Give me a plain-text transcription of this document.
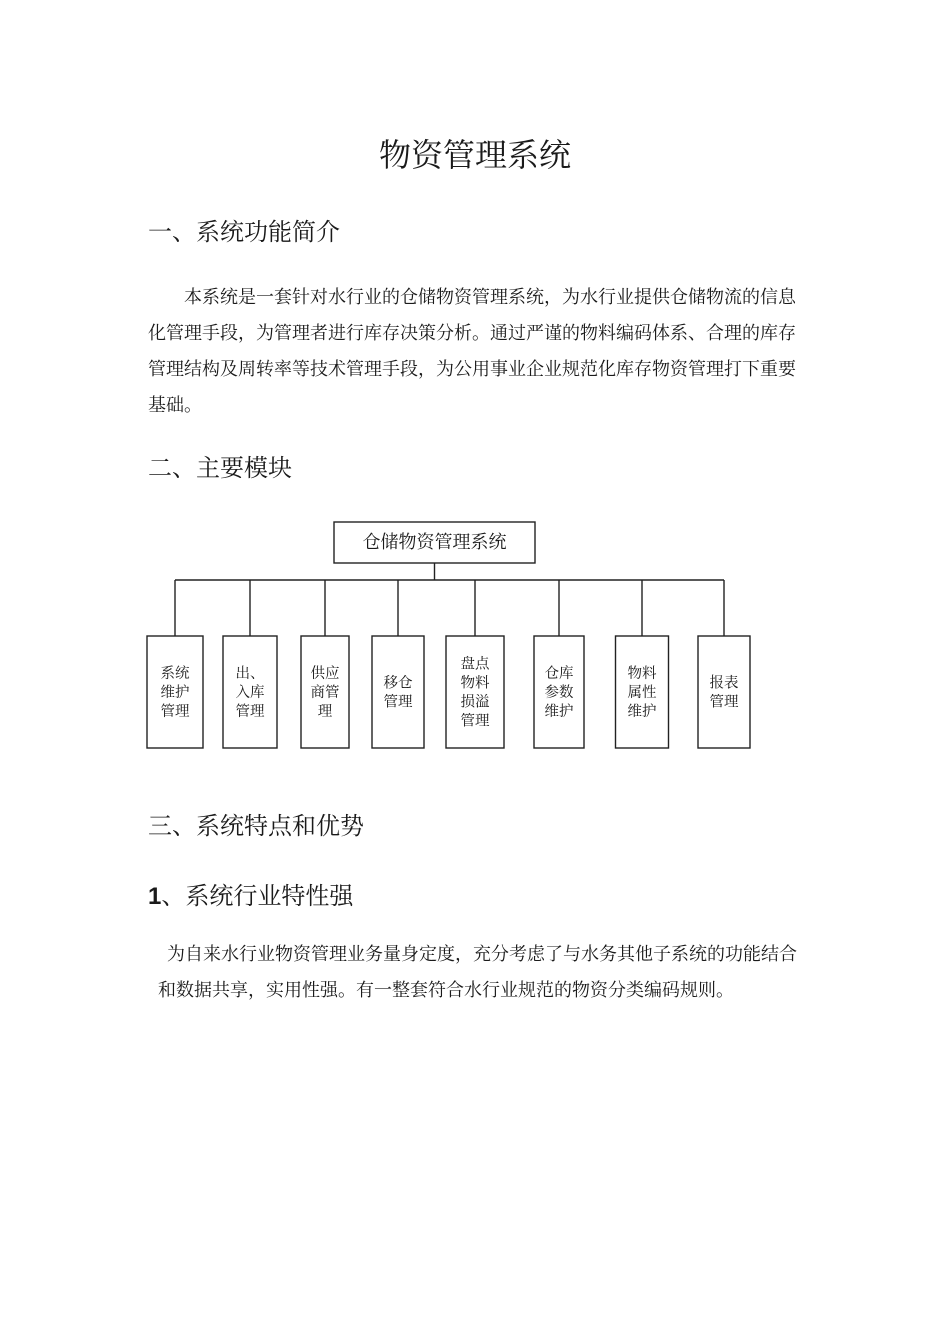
物资管理系统
一、系统功能简介
本系统是一套针对水行业的仓储物资管理系统，为水行业提供仓储物流的信息化管理手段，为管理者进行库存决策分析。通过严谨的物料编码体系、合理的库存管理结构及周转率等技术管理手段，为公用事业企业规范化库存物资管理打下重要基础。
二、主要模块
仓储物资管理系统
系统
维护
管理
出、
入库
管理
供应
商管
理
移仓
管理
盘点
物料
损溢
管理
仓库
参数
维护
物料
属性
维护
报表
管理
三、系统特点和优势
1、系统行业特性强
为自来水行业物资管理业务量身定度，充分考虑了与水务其他子系统的功能结合和数据共享，实用性强。有一整套符合水行业规范的物资分类编码规则。
